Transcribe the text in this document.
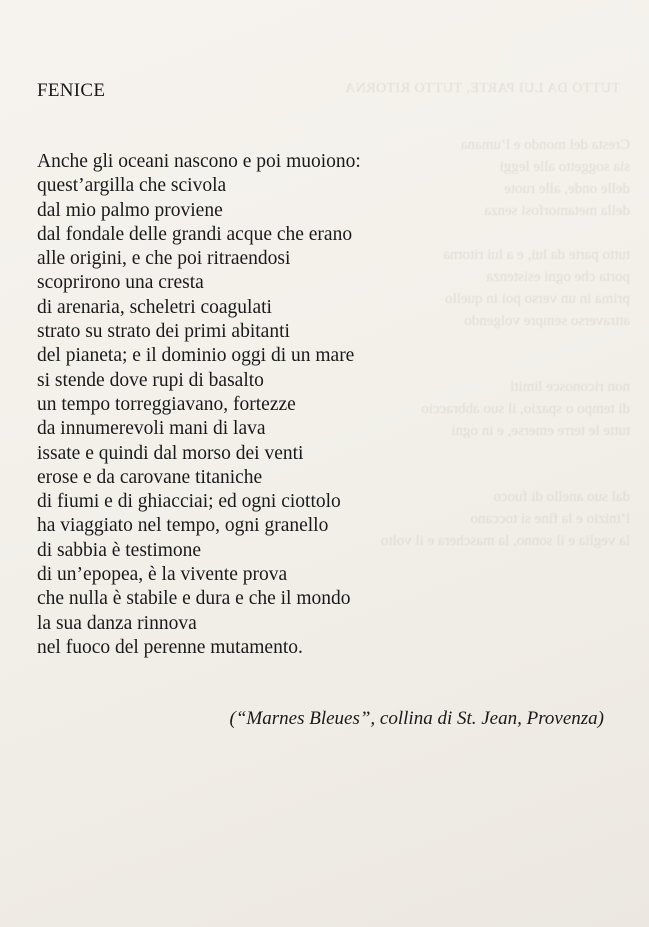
TUTTO DA LUI PARTE, TUTTO RITORNA
Cresta del mondo e l’umana
sia soggetto alle leggi
delle onde, alle ruote
della metamorfosi senza

tutto parte da lui, e a lui ritorna
porta che ogni esistenza
prima in un verso poi in quello
attraverso sempre volgendo

non riconosce limiti
di tempo o spazio, il suo abbraccio
tutte le terre emerse, e in ogni

dal suo anello di fuoco
l’inizio e la fine si toccano
la veglia e il sonno, la maschera e il volto
FENICE
Anche gli oceani nascono e poi muoiono:
quest’argilla che scivola
dal mio palmo proviene
dal fondale delle grandi acque che erano
alle origini, e che poi ritraendosi
scoprirono una cresta
di arenaria, scheletri coagulati
strato su strato dei primi abitanti
del pianeta; e il dominio oggi di un mare
si stende dove rupi di basalto
un tempo torreggiavano, fortezze
da innumerevoli mani di lava
issate e quindi dal morso dei venti
erose e da carovane titaniche
di fiumi e di ghiacciai; ed ogni ciottolo
ha viaggiato nel tempo, ogni granello
di sabbia è testimone
di un’epopea, è la vivente prova
che nulla è stabile e dura e che il mondo
la sua danza rinnova
nel fuoco del perenne mutamento.
(“Marnes Bleues”, collina di St. Jean, Provenza)
